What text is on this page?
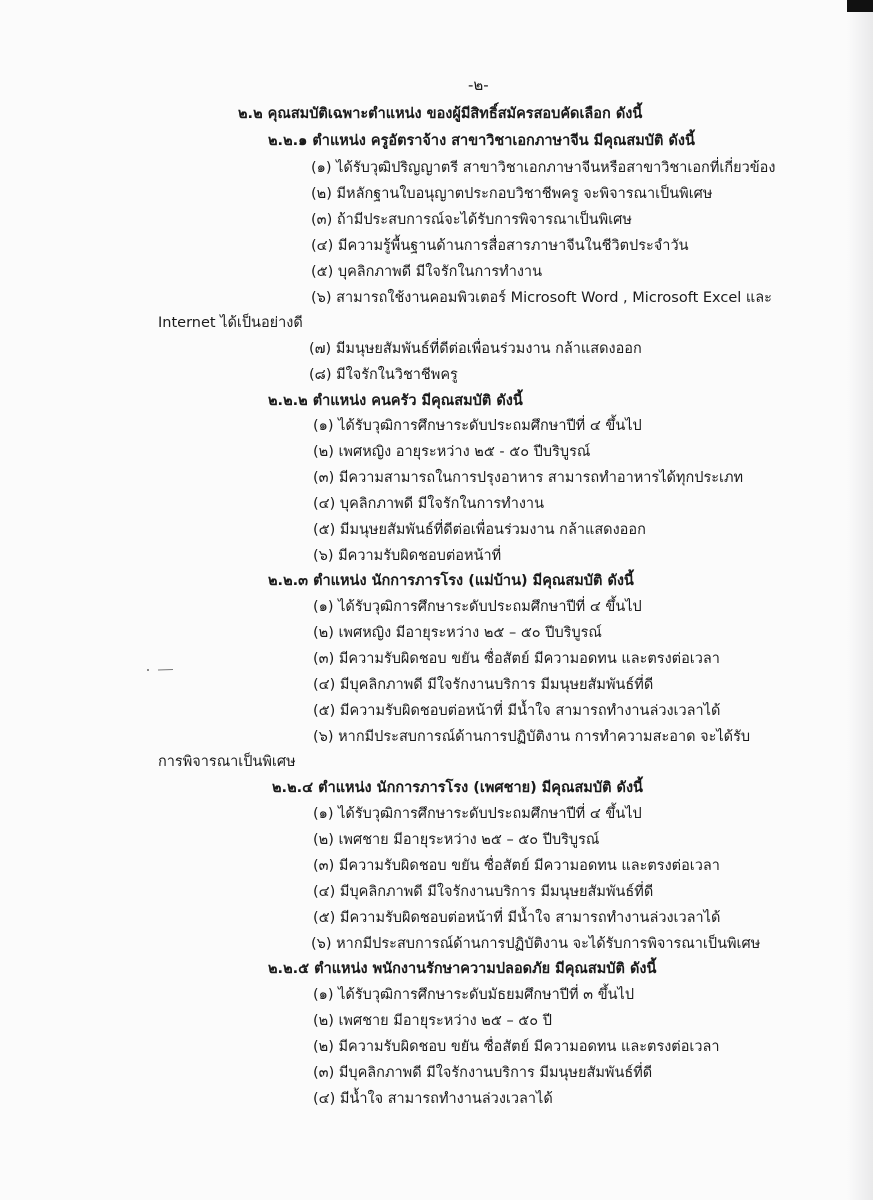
-๒-
๒.๒ คุณสมบัติเฉพาะตำแหน่ง ของผู้มีสิทธิ์สมัครสอบคัดเลือก ดังนี้
๒.๒.๑ ตำแหน่ง ครูอัตราจ้าง สาขาวิชาเอกภาษาจีน มีคุณสมบัติ ดังนี้
(๑) ได้รับวุฒิปริญญาตรี สาขาวิชาเอกภาษาจีนหรือสาขาวิชาเอกที่เกี่ยวข้อง
(๒) มีหลักฐานใบอนุญาตประกอบวิชาชีพครู จะพิจารณาเป็นพิเศษ
(๓) ถ้ามีประสบการณ์จะได้รับการพิจารณาเป็นพิเศษ
(๔) มีความรู้พื้นฐานด้านการสื่อสารภาษาจีนในชีวิตประจำวัน
(๕) บุคลิกภาพดี มีใจรักในการทำงาน
(๖) สามารถใช้งานคอมพิวเตอร์ Microsoft Word , Microsoft Excel และ
Internet ได้เป็นอย่างดี
(๗) มีมนุษยสัมพันธ์ที่ดีต่อเพื่อนร่วมงาน กล้าแสดงออก
(๘) มีใจรักในวิชาชีพครู
๒.๒.๒ ตำแหน่ง คนครัว มีคุณสมบัติ ดังนี้
(๑) ได้รับวุฒิการศึกษาระดับประถมศึกษาปีที่ ๔ ขึ้นไป
(๒) เพศหญิง อายุระหว่าง ๒๕ - ๕๐ ปีบริบูรณ์
(๓) มีความสามารถในการปรุงอาหาร สามารถทำอาหารได้ทุกประเภท
(๔) บุคลิกภาพดี มีใจรักในการทำงาน
(๕) มีมนุษยสัมพันธ์ที่ดีต่อเพื่อนร่วมงาน กล้าแสดงออก
(๖) มีความรับผิดชอบต่อหน้าที่
๒.๒.๓ ตำแหน่ง นักการภารโรง (แม่บ้าน) มีคุณสมบัติ ดังนี้
(๑) ได้รับวุฒิการศึกษาระดับประถมศึกษาปีที่ ๔ ขึ้นไป
(๒) เพศหญิง มีอายุระหว่าง ๒๕ – ๕๐ ปีบริบูรณ์
(๓) มีความรับผิดชอบ ขยัน ซื่อสัตย์ มีความอดทน และตรงต่อเวลา
(๔) มีบุคลิกภาพดี มีใจรักงานบริการ มีมนุษยสัมพันธ์ที่ดี
(๕) มีความรับผิดชอบต่อหน้าที่ มีน้ำใจ สามารถทำงานล่วงเวลาได้
(๖) หากมีประสบการณ์ด้านการปฏิบัติงาน การทำความสะอาด จะได้รับ
การพิจารณาเป็นพิเศษ
๒.๒.๔ ตำแหน่ง นักการภารโรง (เพศชาย) มีคุณสมบัติ ดังนี้
(๑) ได้รับวุฒิการศึกษาระดับประถมศึกษาปีที่ ๔ ขึ้นไป
(๒) เพศชาย มีอายุระหว่าง ๒๕ – ๕๐ ปีบริบูรณ์
(๓) มีความรับผิดชอบ ขยัน ซื่อสัตย์ มีความอดทน และตรงต่อเวลา
(๔) มีบุคลิกภาพดี มีใจรักงานบริการ มีมนุษยสัมพันธ์ที่ดี
(๕) มีความรับผิดชอบต่อหน้าที่ มีน้ำใจ สามารถทำงานล่วงเวลาได้
(๖) หากมีประสบการณ์ด้านการปฏิบัติงาน จะได้รับการพิจารณาเป็นพิเศษ
๒.๒.๕ ตำแหน่ง พนักงานรักษาความปลอดภัย มีคุณสมบัติ ดังนี้
(๑) ได้รับวุฒิการศึกษาระดับมัธยมศึกษาปีที่ ๓ ขึ้นไป
(๒) เพศชาย มีอายุระหว่าง ๒๕ – ๕๐ ปี
(๒) มีความรับผิดชอบ ขยัน ซื่อสัตย์ มีความอดทน และตรงต่อเวลา
(๓) มีบุคลิกภาพดี มีใจรักงานบริการ มีมนุษยสัมพันธ์ที่ดี
(๔) มีน้ำใจ สามารถทำงานล่วงเวลาได้
